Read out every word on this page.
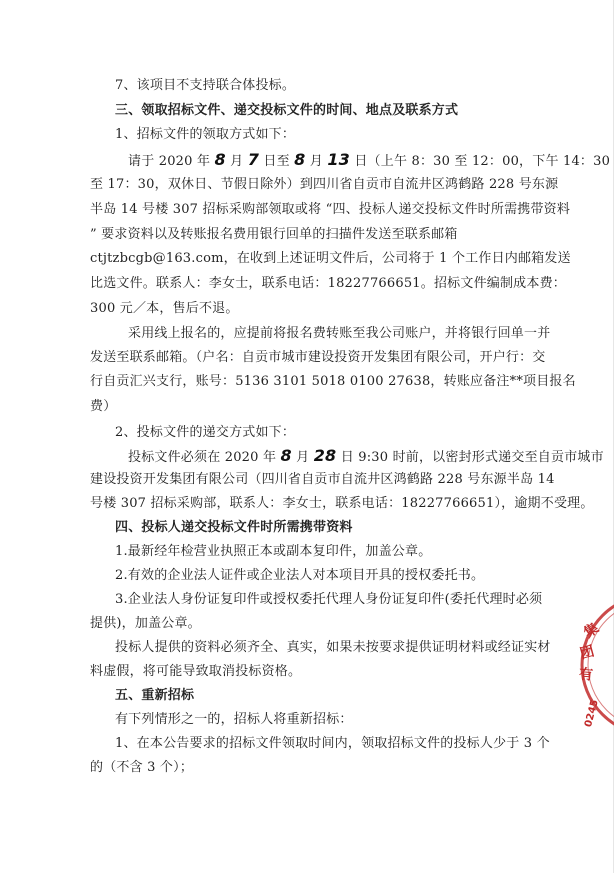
7、该项目不支持联合体投标。
三、领取招标文件、递交投标文件的时间、地点及联系方式
1、招标文件的领取方式如下：
请于 2020 年 8 月 7 日至 8 月 13 日（上午 8：30 至 12：00，下午 14：30
至 17：30，双休日、节假日除外）到四川省自贡市自流井区鸿鹤路 228 号东源
半岛 14 号楼 307 招标采购部领取或将 “四、投标人递交投标文件时所需携带资料
” 要求资料以及转账报名费用银行回单的扫描件发送至联系邮箱
ctjtzbcgb@163.com，在收到上述证明文件后，公司将于 1 个工作日内邮箱发送
比选文件。联系人：李女士，联系电话：18227766651。招标文件编制成本费：
300 元／本，售后不退。
采用线上报名的，应提前将报名费转账至我公司账户，并将银行回单一并
发送至联系邮箱。（户名：自贡市城市建设投资开发集团有限公司，开户行：交
行自贡汇兴支行，账号：5136 3101 5018 0100 27638，转账应备注**项目报名
费）
2、投标文件的递交方式如下：
投标文件必须在 2020 年 8 月 28 日 9:30 时前，以密封形式递交至自贡市城市
建设投资开发集团有限公司（四川省自贡市自流井区鸿鹤路 228 号东源半岛 14
号楼 307 招标采购部，联系人：李女士，联系电话：18227766651），逾期不受理。
四、投标人递交投标文件时所需携带资料
1.最新经年检营业执照正本或副本复印件，加盖公章。
2.有效的企业法人证件或企业法人对本项目开具的授权委托书。
3.企业法人身份证复印件或授权委托代理人身份证复印件(委托代理时必须
提供)，加盖公章。
投标人提供的资料必须齐全、真实，如果未按要求提供证明材料或经证实材
料虚假，将可能导致取消投标资格。
五、重新招标
有下列情形之一的，招标人将重新招标：
1、在本公告要求的招标文件领取时间内，领取招标文件的投标人少于 3 个
的（不含 3 个）；
集
团
有
0245
